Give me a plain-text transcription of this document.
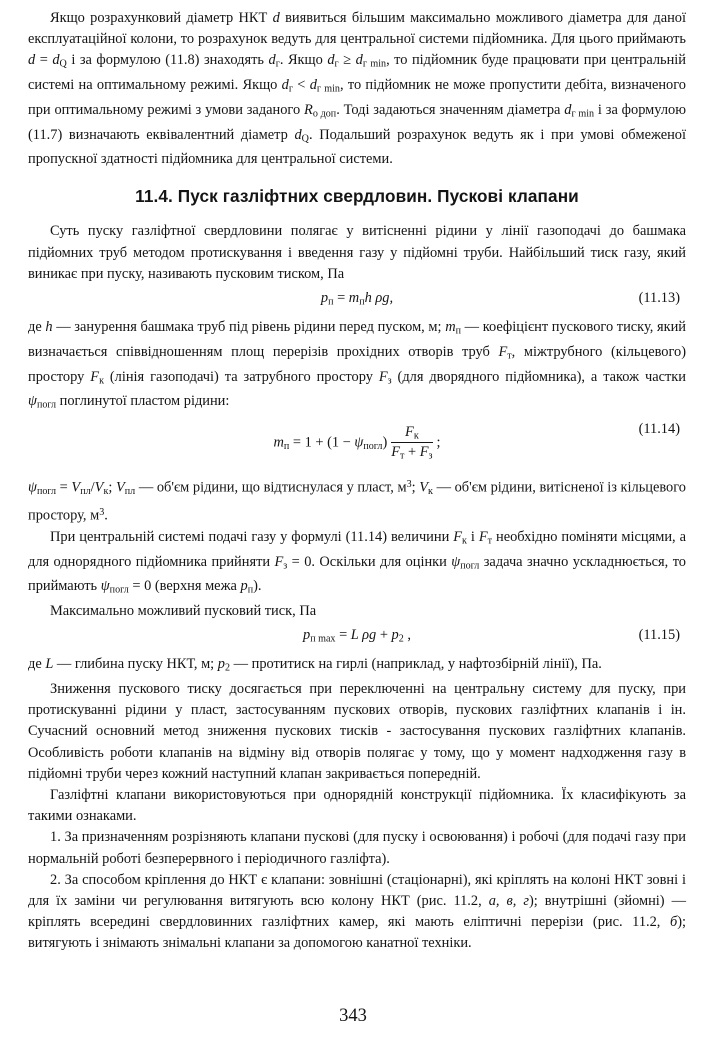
Якщо розрахунковий діаметр НКТ d виявиться більшим максимально можливого діаметра для даної експлуатаційної колони, то розрахунок ведуть для центральної системи підйомника. Для цього приймають $d = d_Q$ і за формулою (11.8) знаходять $d_г$. Якщо $d_г \ge d_{г min}$, то підйомник буде працювати при центральній системі на оптимальному режимі. Якщо $d_г < d_{г min}$, то підйомник не може пропустити дебіта, визначеного при оптимальному режимі з умови заданого $R_{о доп}$. Тоді задаються значенням діаметра $d_{г min}$ і за формулою (11.7) визначають еквівалентний діаметр $d_Q$. Подальший розрахунок ведуть як і при умові обмеженої пропускної здатності підйомника для центральної системи.

11.4. Пуск газліфтних свердловин. Пускові клапани

Суть пуску газліфтної свердловини полягає у витісненні рідини у лінії газоподачі до башмака підйомних труб методом протискування і введення газу у підйомні труби. Найбільший тиск газу, який виникає при пуску, називають пусковим тиском, Па

$p_п = m_пh$ ρg,	(11.13)

де h — занурення башмака труб під рівень рідини перед пуском, м; $m_п$ — коефіцієнт пускового тиску, який визначається співвідношенням площ перерізів прохідних отворів труб $F_т$, міжтрубного (кільцевого) простору $F_к$ (лінія газоподачі) та затрубного простору $F_з$ (для дворядного підйомника), а також частки $\psi_{погл}$ поглинутої пластом рідини:

$m_п = 1 + (1 - \psi_{погл}) \frac{F_к}{F_т + F_з}$ ;
(11.14)

$\psi_{погл} = V_{пл}/V_к$; $V_{пл}$ — об'єм рідини, що відтиснулася у пласт, $м^3$; $V_к$ — об'єм рідини, витісненої із кільцевого простору, $м^3$.

При центральній системі подачі газу у формулі (11.14) величини $F_к$ і $F_т$ необхідно поміняти місцями, а для однорядного підйомника прийняти $F_з = 0$. Оскільки для оцінки $\psi_{погл}$ задача значно ускладнюється, то приймають $\psi_{погл} = 0$ (верхня межа $p_п$).

Максимально можливий пусковий тиск, Па

$p_{п max} = L$ $\rho g + p_2$ ,	(11.15)

де L — глибина пуску НКТ, м; $p_2$ — протитиск на гирлі (наприклад, у нафтозбірній лінії), Па.

Зниження пускового тиску досягається при переключенні на центральну систему для пуску, при протискуванні рідини у пласт, застосуванням пускових отворів, пускових газліфтних клапанів і ін. Сучасний основний метод зниження пускових тисків - застосування пускових газліфтних клапанів. Особливість роботи клапанів на відміну від отворів полягає у тому, що у момент надходження газу в підйомні труби через кожний наступний клапан закривається попередній.

Газліфтні клапани використовуються при однорядній конструкції підйомника. Їх класифікують за такими ознаками.

1. За призначенням розрізняють клапани пускові (для пуску і освоювання) і робочі (для подачі газу при нормальній роботі безперервного і періодичного газліфта).

2. За способом кріплення до НКТ є клапани: зовнішні (стаціонарні), які кріплять на колоні НКТ зовні і для їх заміни чи регулювання витягують всю колону НКТ (рис. 11.2, а, в, г); внутрішні (зйомні) — кріплять всередині свердловинних газліфтних камер, які мають еліптичні перерізи (рис. 11.2, б); витягують і знімають знімальні клапани за допомогою канатної техніки.

343
